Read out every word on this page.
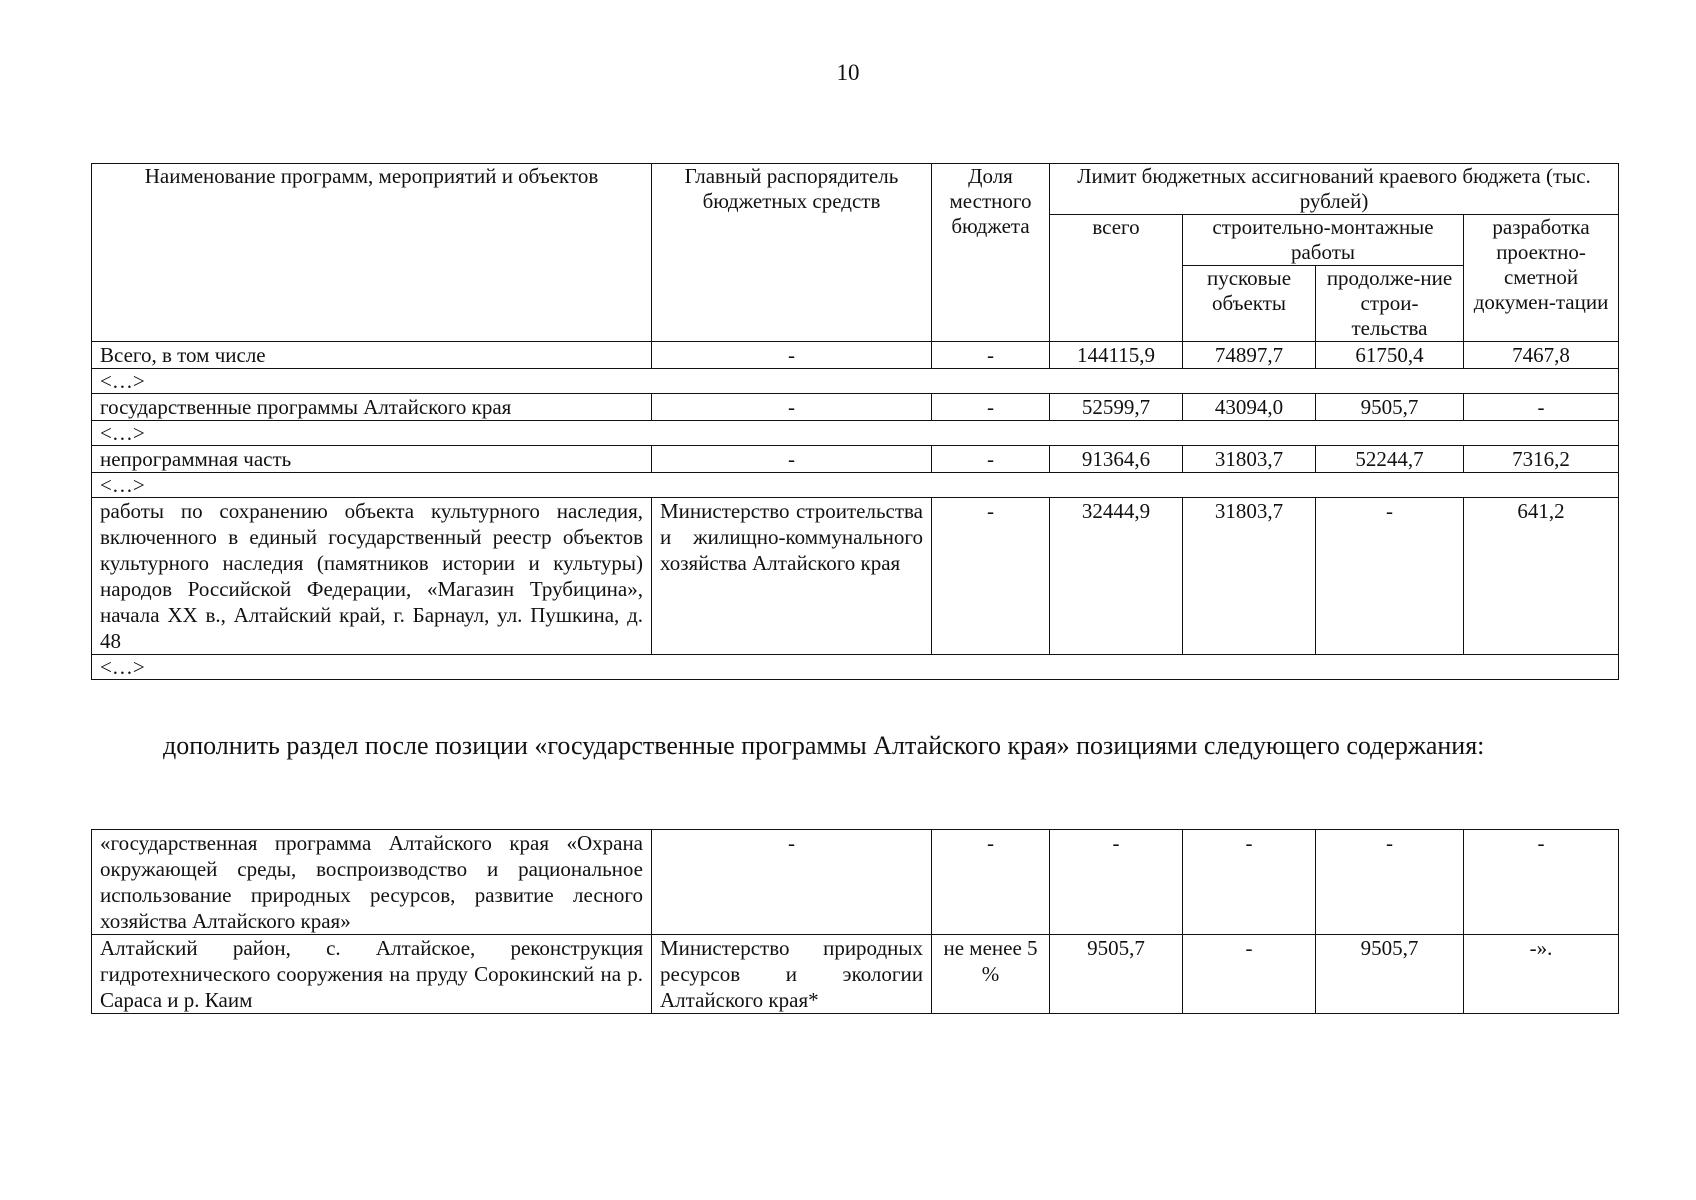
10
Наименование программ, мероприятий и объектов	Главный распорядитель бюджетных средств	Доля местного бюджета	Лимит бюджетных ассигнований краевого бюджета (тыс. рублей)			
			всего	строительно-монтажные работы		разработка проектно-сметной докумен-тации
				пусковые объекты	продолже-ние строи-тельства	
Всего, в том числе	-	-	144115,9	74897,7	61750,4	7467,8
<…>						
государственные программы Алтайского края	-	-	52599,7	43094,0	9505,7	-
<…>						
непрограммная часть	-	-	91364,6	31803,7	52244,7	7316,2
<…>						
работы по сохранению объекта культурного наследия, включенного в единый государственный реестр объектов культурного наследия (памятников истории и культуры) народов Российской Федерации, «Магазин Трубицина», начала XX в., Алтайский край, г. Барнаул, ул. Пушкина, д. 48	Министерство строительства и жилищно-коммунального хозяйства Алтайского края	-	32444,9	31803,7	-	641,2
<…>						
дополнить раздел после позиции «государственные программы Алтайского края» позициями следующего содержания:
«государственная программа Алтайского края «Охрана окружающей среды, воспроизводство и рациональное использование природных ресурсов, развитие лесного хозяйства Алтайского края»	-	-	-	-	-	-
Алтайский район, с. Алтайское, реконструкция гидротехнического сооружения на пруду Сорокинский на р. Сараса и р. Каим	Министерство природных ресурсов и экологии Алтайского края*	не менее 5 %	9505,7	-	9505,7	-».
